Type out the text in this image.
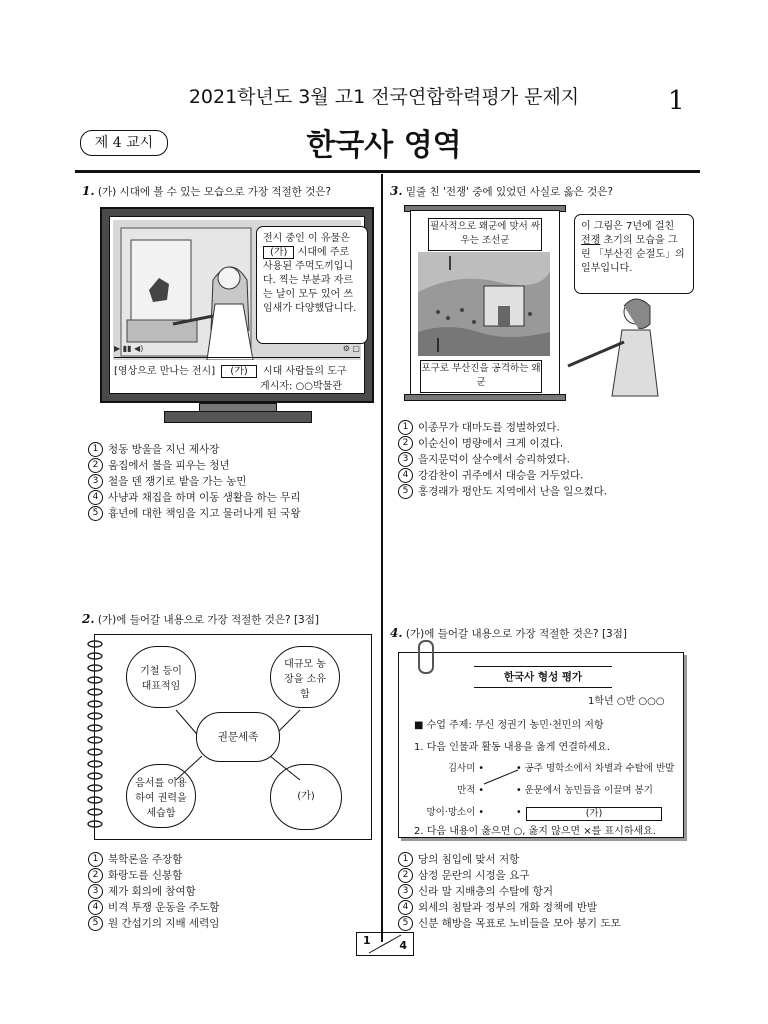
2021학년도 3월 고1 전국연합학력평가 문제지	1
제 4 교시	한국사 영역
1. (가) 시대에 볼 수 있는 모습으로 가장 적절한 것은?
전시 중인 이 유물은 (가) 시대에 주로 사용된 주먹도끼입니다. 찍는 부분과 자르는 날이 모두 있어 쓰임새가 다양했답니다.
▶ ▮▮ ◀)	⚙ ▢
[영상으로 만나는 전시] (가) 시대 사람들의 도구
게시자: ○○박물관
1 청동 방울을 지닌 제사장
2 움집에서 불을 피우는 청년
3 철을 덴 쟁기로 밭을 가는 농민
4 사냥과 채집을 하며 이동 생활을 하는 무리
5 흉년에 대한 책임을 지고 물러나게 된 국왕
2. (가)에 들어갈 내용으로 가장 적절한 것은? [3점]
권문세족
기철 등이 대표적임
대규모 농장을 소유함
음서를 이용하여 권력을 세습함
(가)
1 북학론을 주장함
2 화랑도를 신봉함
3 제가 회의에 참여함
4 비격 투쟁 운동을 주도함
5 원 간섭기의 지배 세력임
3. 밑줄 친 '전쟁' 중에 있었던 사실로 옳은 것은?
필사적으로 왜군에 맞서 싸우는 조선군
포구로 부산진을 공격하는 왜군
이 그림은 7년에 걸친 전쟁 초기의 모습을 그린 「부산진 순절도」의 일부입니다.
1 이종무가 대마도를 정벌하였다.
2 이순신이 명량에서 크게 이겼다.
3 을지문덕이 살수에서 승리하였다.
4 강감찬이 귀주에서 대승을 거두었다.
5 홍경래가 평안도 지역에서 난을 일으켰다.
4. (가)에 들어갈 내용으로 가장 적절한 것은? [3점]
한국사 형성 평가
1학년 ○반 ○○○
■ 수업 주제: 무신 정권기 농민·천민의 저항
1. 다음 인물과 활동 내용을 옳게 연결하세요.
김사미 •
만적 •
망이·망소이 •
• 공주 명학소에서 차별과 수탈에 반발
• 운문에서 농민들을 이끌며 봉기
•	(가)
2. 다음 내용이 옳으면 ○, 옳지 않으면 ×를 표시하세요.
1 당의 침입에 맞서 저항
2 삼정 문란의 시정을 요구
3 신라 말 지배층의 수탈에 항거
4 외세의 침탈과 정부의 개화 정책에 반발
5 신분 해방을 목표로 노비들을 모아 봉기 도모
1	4
